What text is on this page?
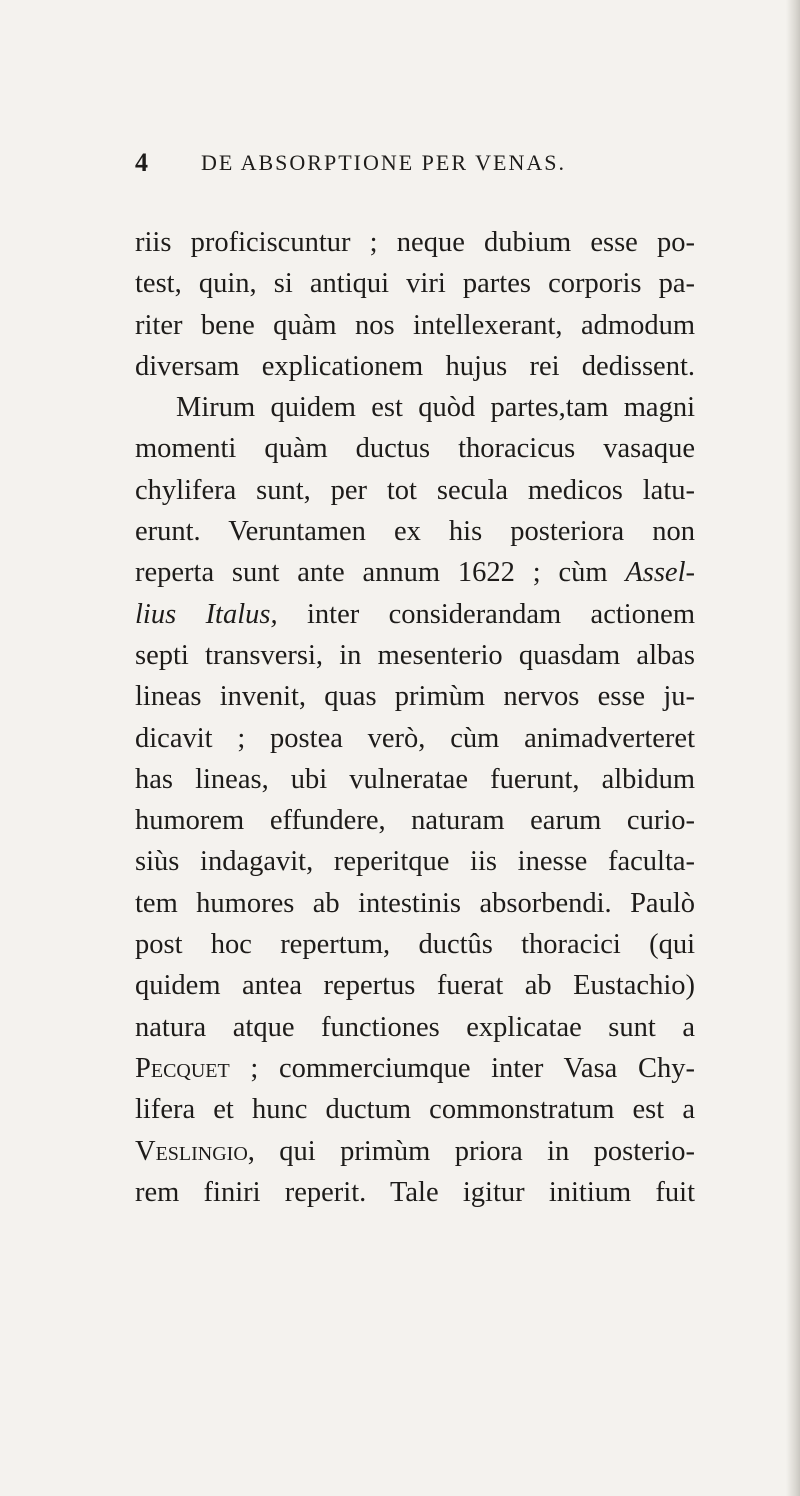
4 DE ABSORPTIONE PER VENAS.
riis proficiscuntur ; neque dubium esse po-
test, quin, si antiqui viri partes corporis pa-
riter bene quàm nos intellexerant, admodum
diversam explicationem hujus rei dedissent.
Mirum quidem est quòd partes,tam magni
momenti quàm ductus thoracicus vasaque
chylifera sunt, per tot secula medicos latu-
erunt. Veruntamen ex his posteriora non
reperta sunt ante annum 1622 ; cùm Assel-
lius Italus, inter considerandam actionem
septi transversi, in mesenterio quasdam albas
lineas invenit, quas primùm nervos esse ju-
dicavit ; postea verò, cùm animadverteret
has lineas, ubi vulneratae fuerunt, albidum
humorem effundere, naturam earum curio-
siùs indagavit, reperitque iis inesse faculta-
tem humores ab intestinis absorbendi. Paulò
post hoc repertum, ductûs thoracici (qui
quidem antea repertus fuerat ab Eustachio)
natura atque functiones explicatae sunt a
Pecquet ; commerciumque inter Vasa Chy-
lifera et hunc ductum commonstratum est a
Veslingio, qui primùm priora in posterio-
rem finiri reperit. Tale igitur initium fuit
